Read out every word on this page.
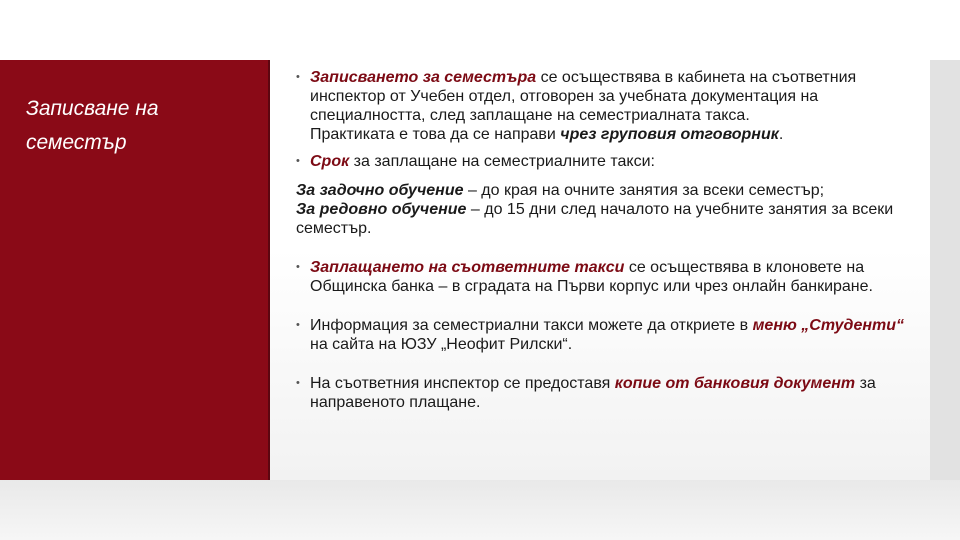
Записване на
семестър
• Записването за семестъра се осъществява в кабинета на съответния инспектор от Учебен отдел, отговорен за учебната документация на специалността, след заплащане на семестриалната такса.
Практиката е това да се направи чрез груповия отговорник.
• Срок за заплащане на семестриалните такси:
За задочно обучение – до края на очните занятия за всеки семестър;
За редовно обучение – до 15 дни след началото на учебните занятия за всеки семестър.
• Заплащането на съответните такси се осъществява в клоновете на Общинска банка – в сградата на Първи корпус или чрез онлайн банкиране.
• Информация за семестриални такси можете да откриете в меню „Студенти“ на сайта на ЮЗУ „Неофит Рилски“.
• На съответния инспектор се предоставя копие от банковия документ за направеното плащане.
